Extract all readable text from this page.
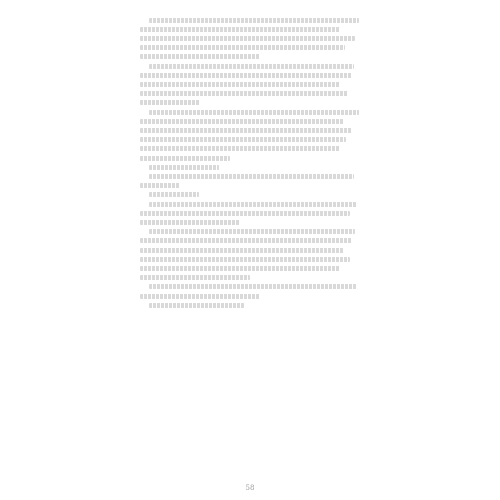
58
